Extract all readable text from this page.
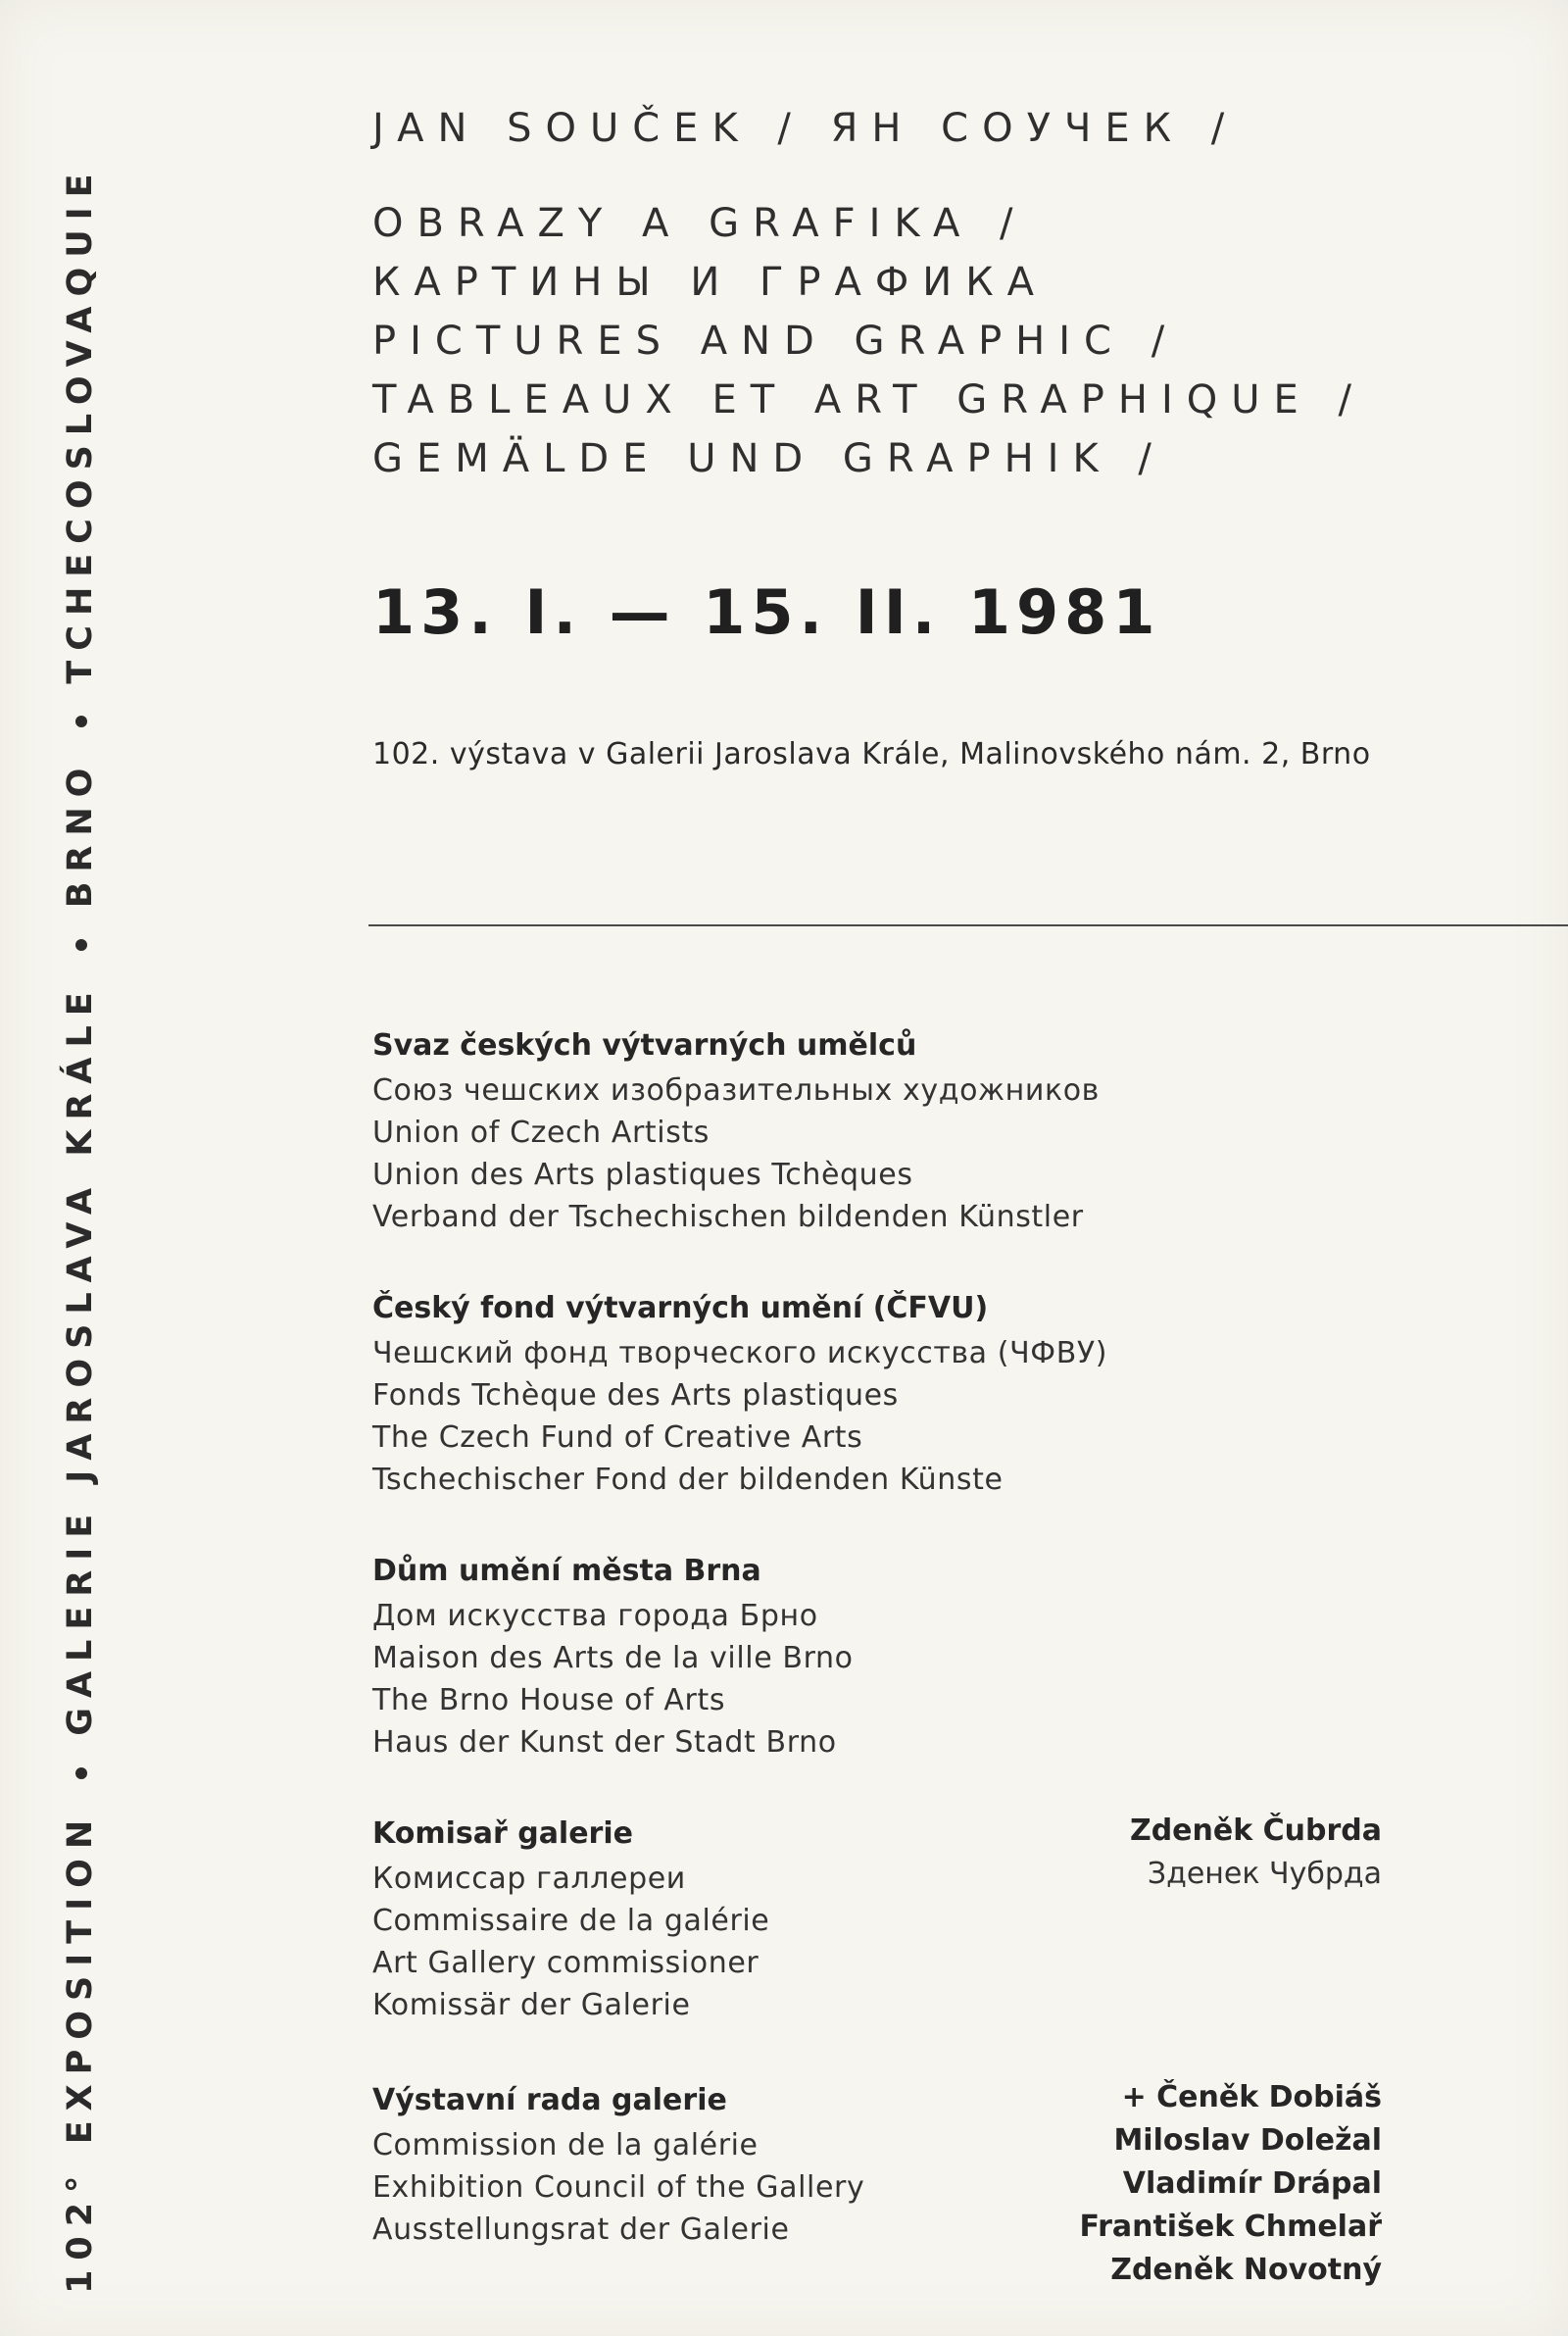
102° EXPOSITIONGALERIE JAROSLAVA KRÁLEBRNOTCHECOSLOVAQUIE
JAN SOUČEK / ЯН СОУЧЕК /
OBRAZY A GRAFIKA /
КАРТИНЫ И ГРАФИКА
PICTURES AND GRAPHIC /
TABLEAUX ET ART GRAPHIQUE /
GEMÄLDE UND GRAPHIK /
13. I. — 15. II. 1981
102. výstava v Galerii Jaroslava Krále, Malinovského nám. 2, Brno
Svaz českých výtvarných umělců
Союз чешских изобразительных художников
Union of Czech Artists
Union des Arts plastiques Tchèques
Verband der Tschechischen bildenden Künstler
Český fond výtvarných umění (ČFVU)
Чешский фонд творческого искусства (ЧФВУ)
Fonds Tchèque des Arts plastiques
The Czech Fund of Creative Arts
Tschechischer Fond der bildenden Künste
Dům umění města Brna
Дом искусства города Брно
Maison des Arts de la ville Brno
The Brno House of Arts
Haus der Kunst der Stadt Brno
Komisař galerie
Комиссар галлереи
Commissaire de la galérie
Art Gallery commissioner
Komissär der Galerie
Zdeněk Čubrda
Зденек Чубрда
Výstavní rada galerie
Commission de la galérie
Exhibition Council of the Gallery
Ausstellungsrat der Galerie
+ Čeněk Dobiáš
Miloslav Doležal
Vladimír Drápal
František Chmelař
Zdeněk Novotný
